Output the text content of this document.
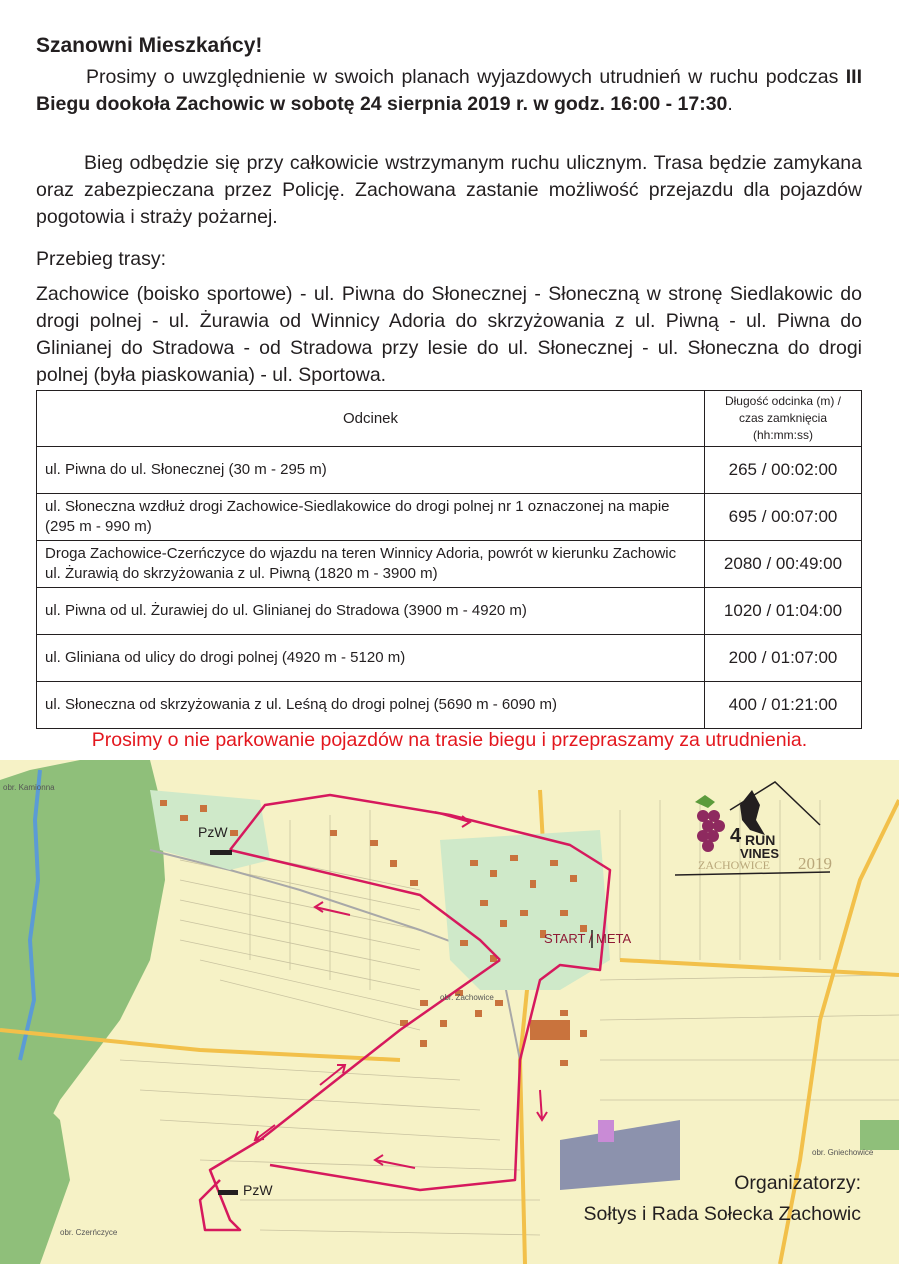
Szanowni Mieszkańcy!
Prosimy o uwzględnienie w swoich planach wyjazdowych utrudnień w ruchu podczas III Biegu dookoła Zachowic w sobotę 24 sierpnia 2019 r. w godz. 16:00 - 17:30.
Bieg odbędzie się przy całkowicie wstrzymanym ruchu ulicznym. Trasa będzie zamykana oraz zabezpieczana przez Policję. Zachowana zastanie możliwość przejazdu dla pojazdów pogotowia i straży pożarnej.
Przebieg trasy:
Zachowice (boisko sportowe) - ul. Piwna do Słonecznej - Słoneczną w stronę Siedlakowic do drogi polnej - ul. Żurawia od Winnicy Adoria do skrzyżowania z ul. Piwną - ul. Piwna do Glinianej do Stradowa - od Stradowa przy lesie do ul. Słonecznej - ul. Słoneczna do drogi polnej (była piaskowania) - ul. Sportowa.
Odcinek	Długość odcinka (m) /
czas zamknięcia (hh:mm:ss)
ul. Piwna do ul. Słonecznej (30 m - 295 m)	265 / 00:02:00
ul. Słoneczna wzdłuż drogi Zachowice-Siedlakowice do drogi polnej nr 1 oznaczonej na mapie (295 m - 990 m)	695 / 00:07:00
Droga Zachowice-Czerńczyce do wjazdu na teren Winnicy Adoria, powrót w kierunku Zachowic ul. Żurawią do skrzyżowania z ul. Piwną (1820 m - 3900 m)	2080 / 00:49:00
ul. Piwna od ul. Żurawiej do ul. Glinianej do Stradowa (3900 m - 4920 m)	1020 / 01:04:00
ul. Gliniana od ulicy do drogi polnej (4920 m - 5120 m)	200 / 01:07:00
ul. Słoneczna od skrzyżowania z ul. Leśną do drogi polnej (5690 m - 6090 m)	400 / 01:21:00
Prosimy o nie parkowanie pojazdów na trasie biegu i przepraszamy za utrudnienia.
PzW
PzW
START / META
obr. Kamionna
obr. Zachowice
obr. Gniechowice
obr. Czerńczyce
4 RUN
VINES
ZACHOWICE 2019
Organizatorzy:
Sołtys i Rada Sołecka Zachowic
